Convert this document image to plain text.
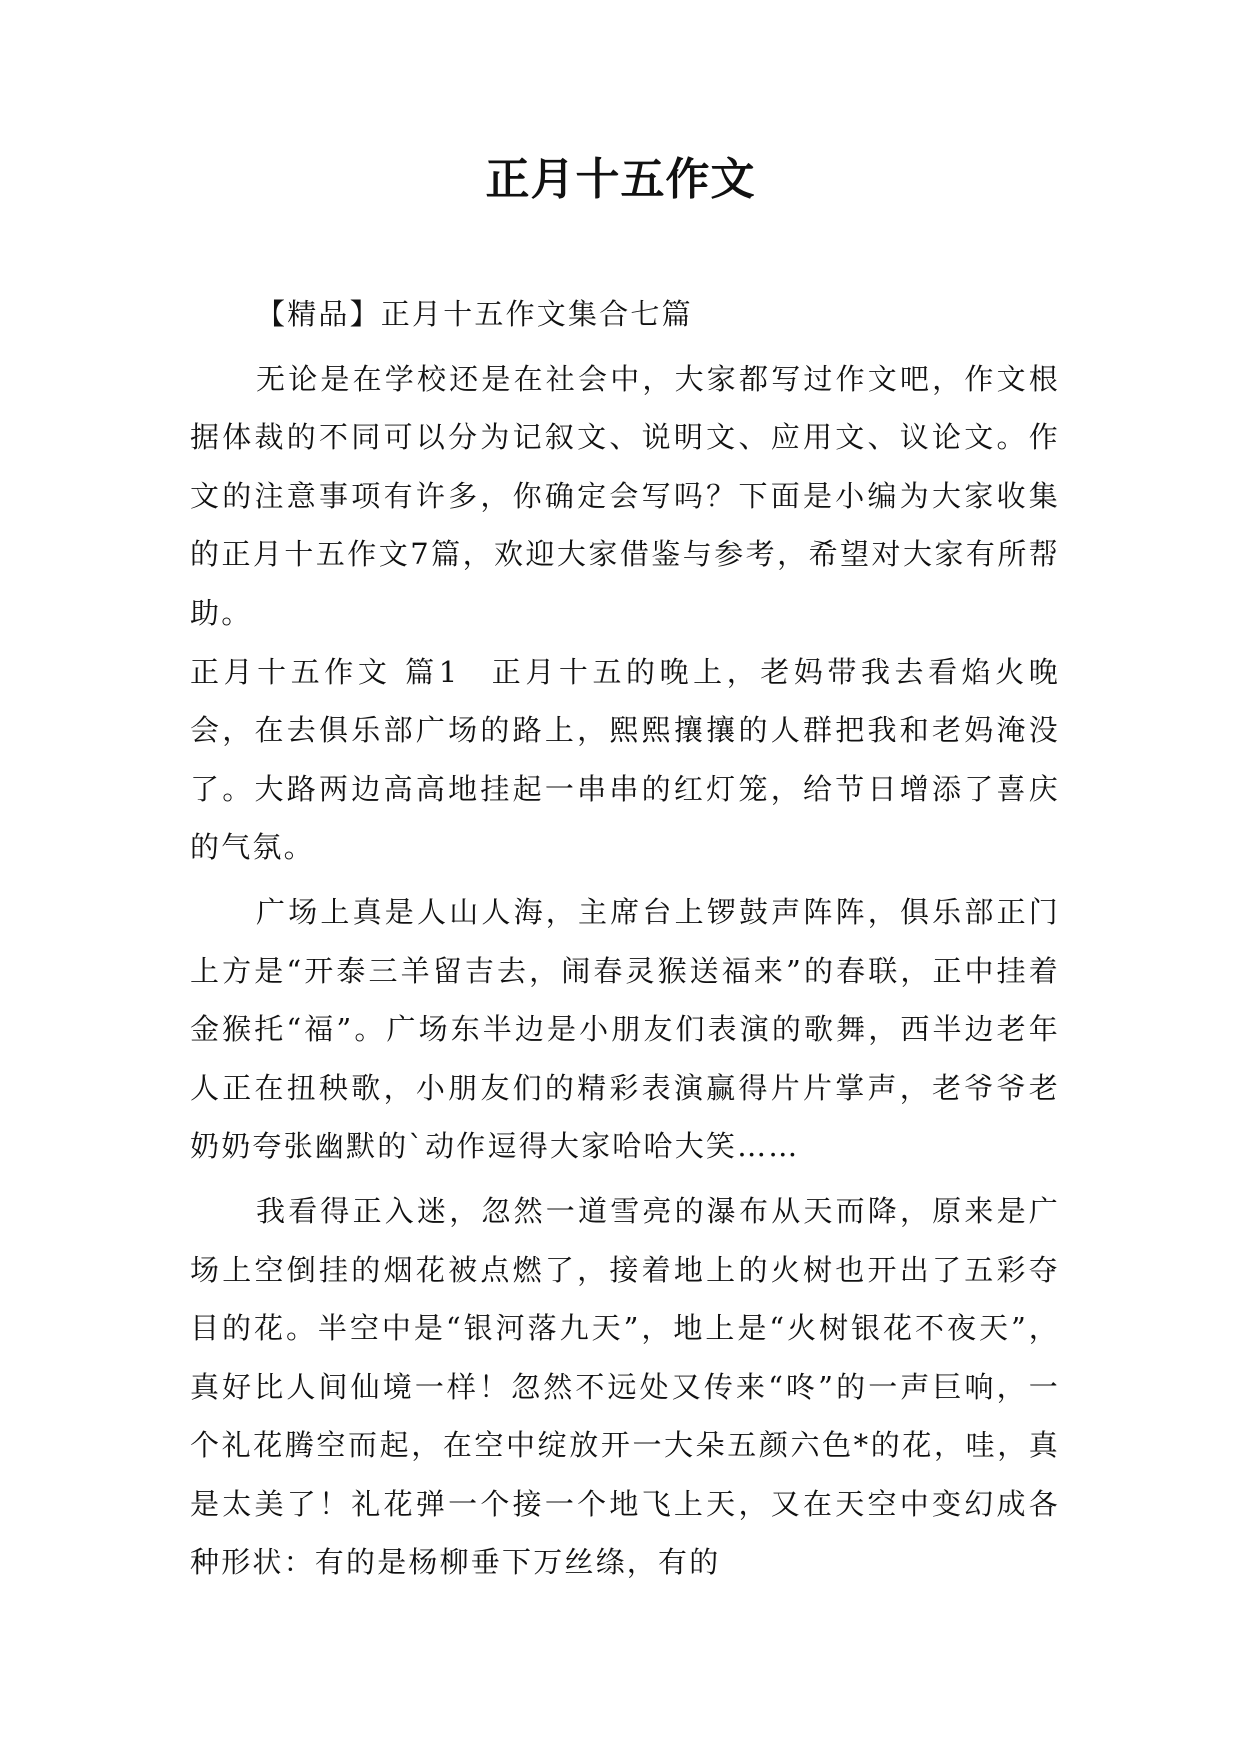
正月十五作文

【精品】正月十五作文集合七篇

无论是在学校还是在社会中，大家都写过作文吧，作文根据体裁的不同可以分为记叙文、说明文、应用文、议论文。作文的注意事项有许多，你确定会写吗？下面是小编为大家收集的正月十五作文7篇，欢迎大家借鉴与参考，希望对大家有所帮助。

正月十五作文 篇1 正月十五的晚上，老妈带我去看焰火晚会，在去俱乐部广场的路上，熙熙攘攘的人群把我和老妈淹没了。大路两边高高地挂起一串串的红灯笼，给节日增添了喜庆的气氛。

广场上真是人山人海，主席台上锣鼓声阵阵，俱乐部正门上方是“开泰三羊留吉去，闹春灵猴送福来”的春联，正中挂着金猴托“福”。广场东半边是小朋友们表演的歌舞，西半边老年人正在扭秧歌，小朋友们的精彩表演赢得片片掌声，老爷爷老奶奶夸张幽默的`动作逗得大家哈哈大笑……

我看得正入迷，忽然一道雪亮的瀑布从天而降，原来是广场上空倒挂的烟花被点燃了，接着地上的火树也开出了五彩夺目的花。半空中是“银河落九天”，地上是“火树银花不夜天”，真好比人间仙境一样！忽然不远处又传来“咚”的一声巨响，一个礼花腾空而起，在空中绽放开一大朵五颜六色*的花，哇，真是太美了！礼花弹一个接一个地飞上天，又在天空中变幻成各种形状：有的是杨柳垂下万丝绦，有的
